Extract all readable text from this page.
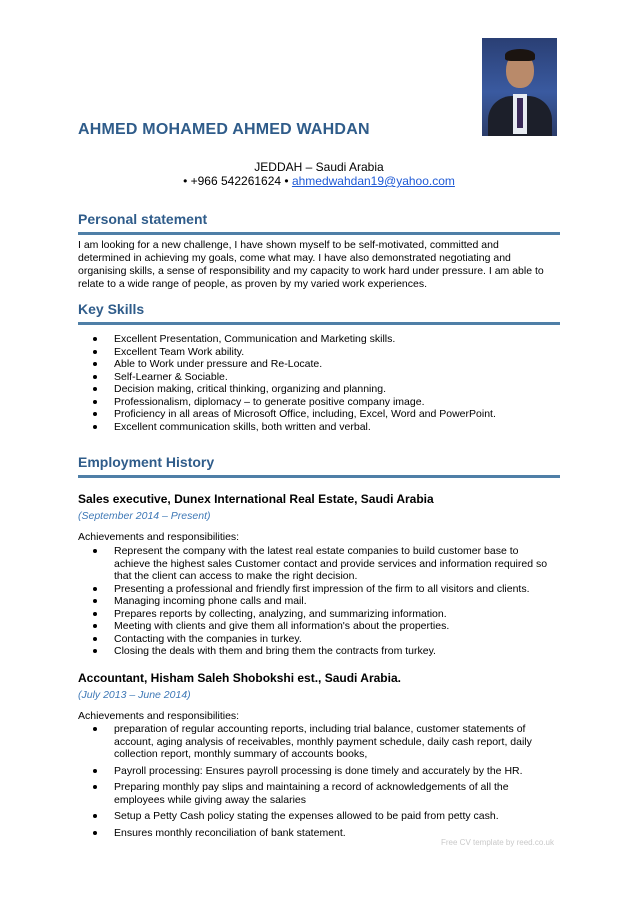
AHMED MOHAMED AHMED WAHDAN
JEDDAH – Saudi Arabia
• +966 542261624 • ahmedwahdan19@yahoo.com
Personal statement
I am looking for a new challenge, I have shown myself to be self-motivated, committed and
determined in achieving my goals, come what may. I have also demonstrated negotiating and
organising skills, a sense of responsibility and my capacity to work hard under pressure. I am able to
relate to a wide range of people, as proven by my varied work experiences.
Key Skills
Excellent Presentation, Communication and Marketing skills.
Excellent Team Work ability.
Able to Work under pressure and Re-Locate.
Self-Learner & Sociable.
Decision making, critical thinking, organizing and planning.
Professionalism, diplomacy – to generate positive company image.
Proficiency in all areas of Microsoft Office, including, Excel, Word and PowerPoint.
Excellent communication skills, both written and verbal.
Employment History
Sales executive, Dunex International Real Estate, Saudi Arabia
(September 2014 – Present)
Achievements and responsibilities:
Represent the company with the latest real estate companies to build customer base to
achieve the highest sales Customer contact and provide services and information required so
that the client can access to make the right decision.
Presenting a professional and friendly first impression of the firm to all visitors and clients.
Managing incoming phone calls and mail.
Prepares reports by collecting, analyzing, and summarizing information.
Meeting with clients and give them all information's about the properties.
Contacting with the companies in turkey.
Closing the deals with them and bring them the contracts from turkey.
Accountant, Hisham Saleh Shobokshi est., Saudi Arabia.
(July 2013 – June 2014)
Achievements and responsibilities:
preparation of regular accounting reports, including trial balance, customer statements of
account, aging analysis of receivables, monthly payment schedule, daily cash report, daily
collection report, monthly summary of accounts books,
Payroll processing: Ensures payroll processing is done timely and accurately by the HR.
Preparing monthly pay slips and maintaining a record of acknowledgements of all the
employees while giving away the salaries
Setup a Petty Cash policy stating the expenses allowed to be paid from petty cash.
Ensures monthly reconciliation of bank statement.
Free CV template by reed.co.uk
